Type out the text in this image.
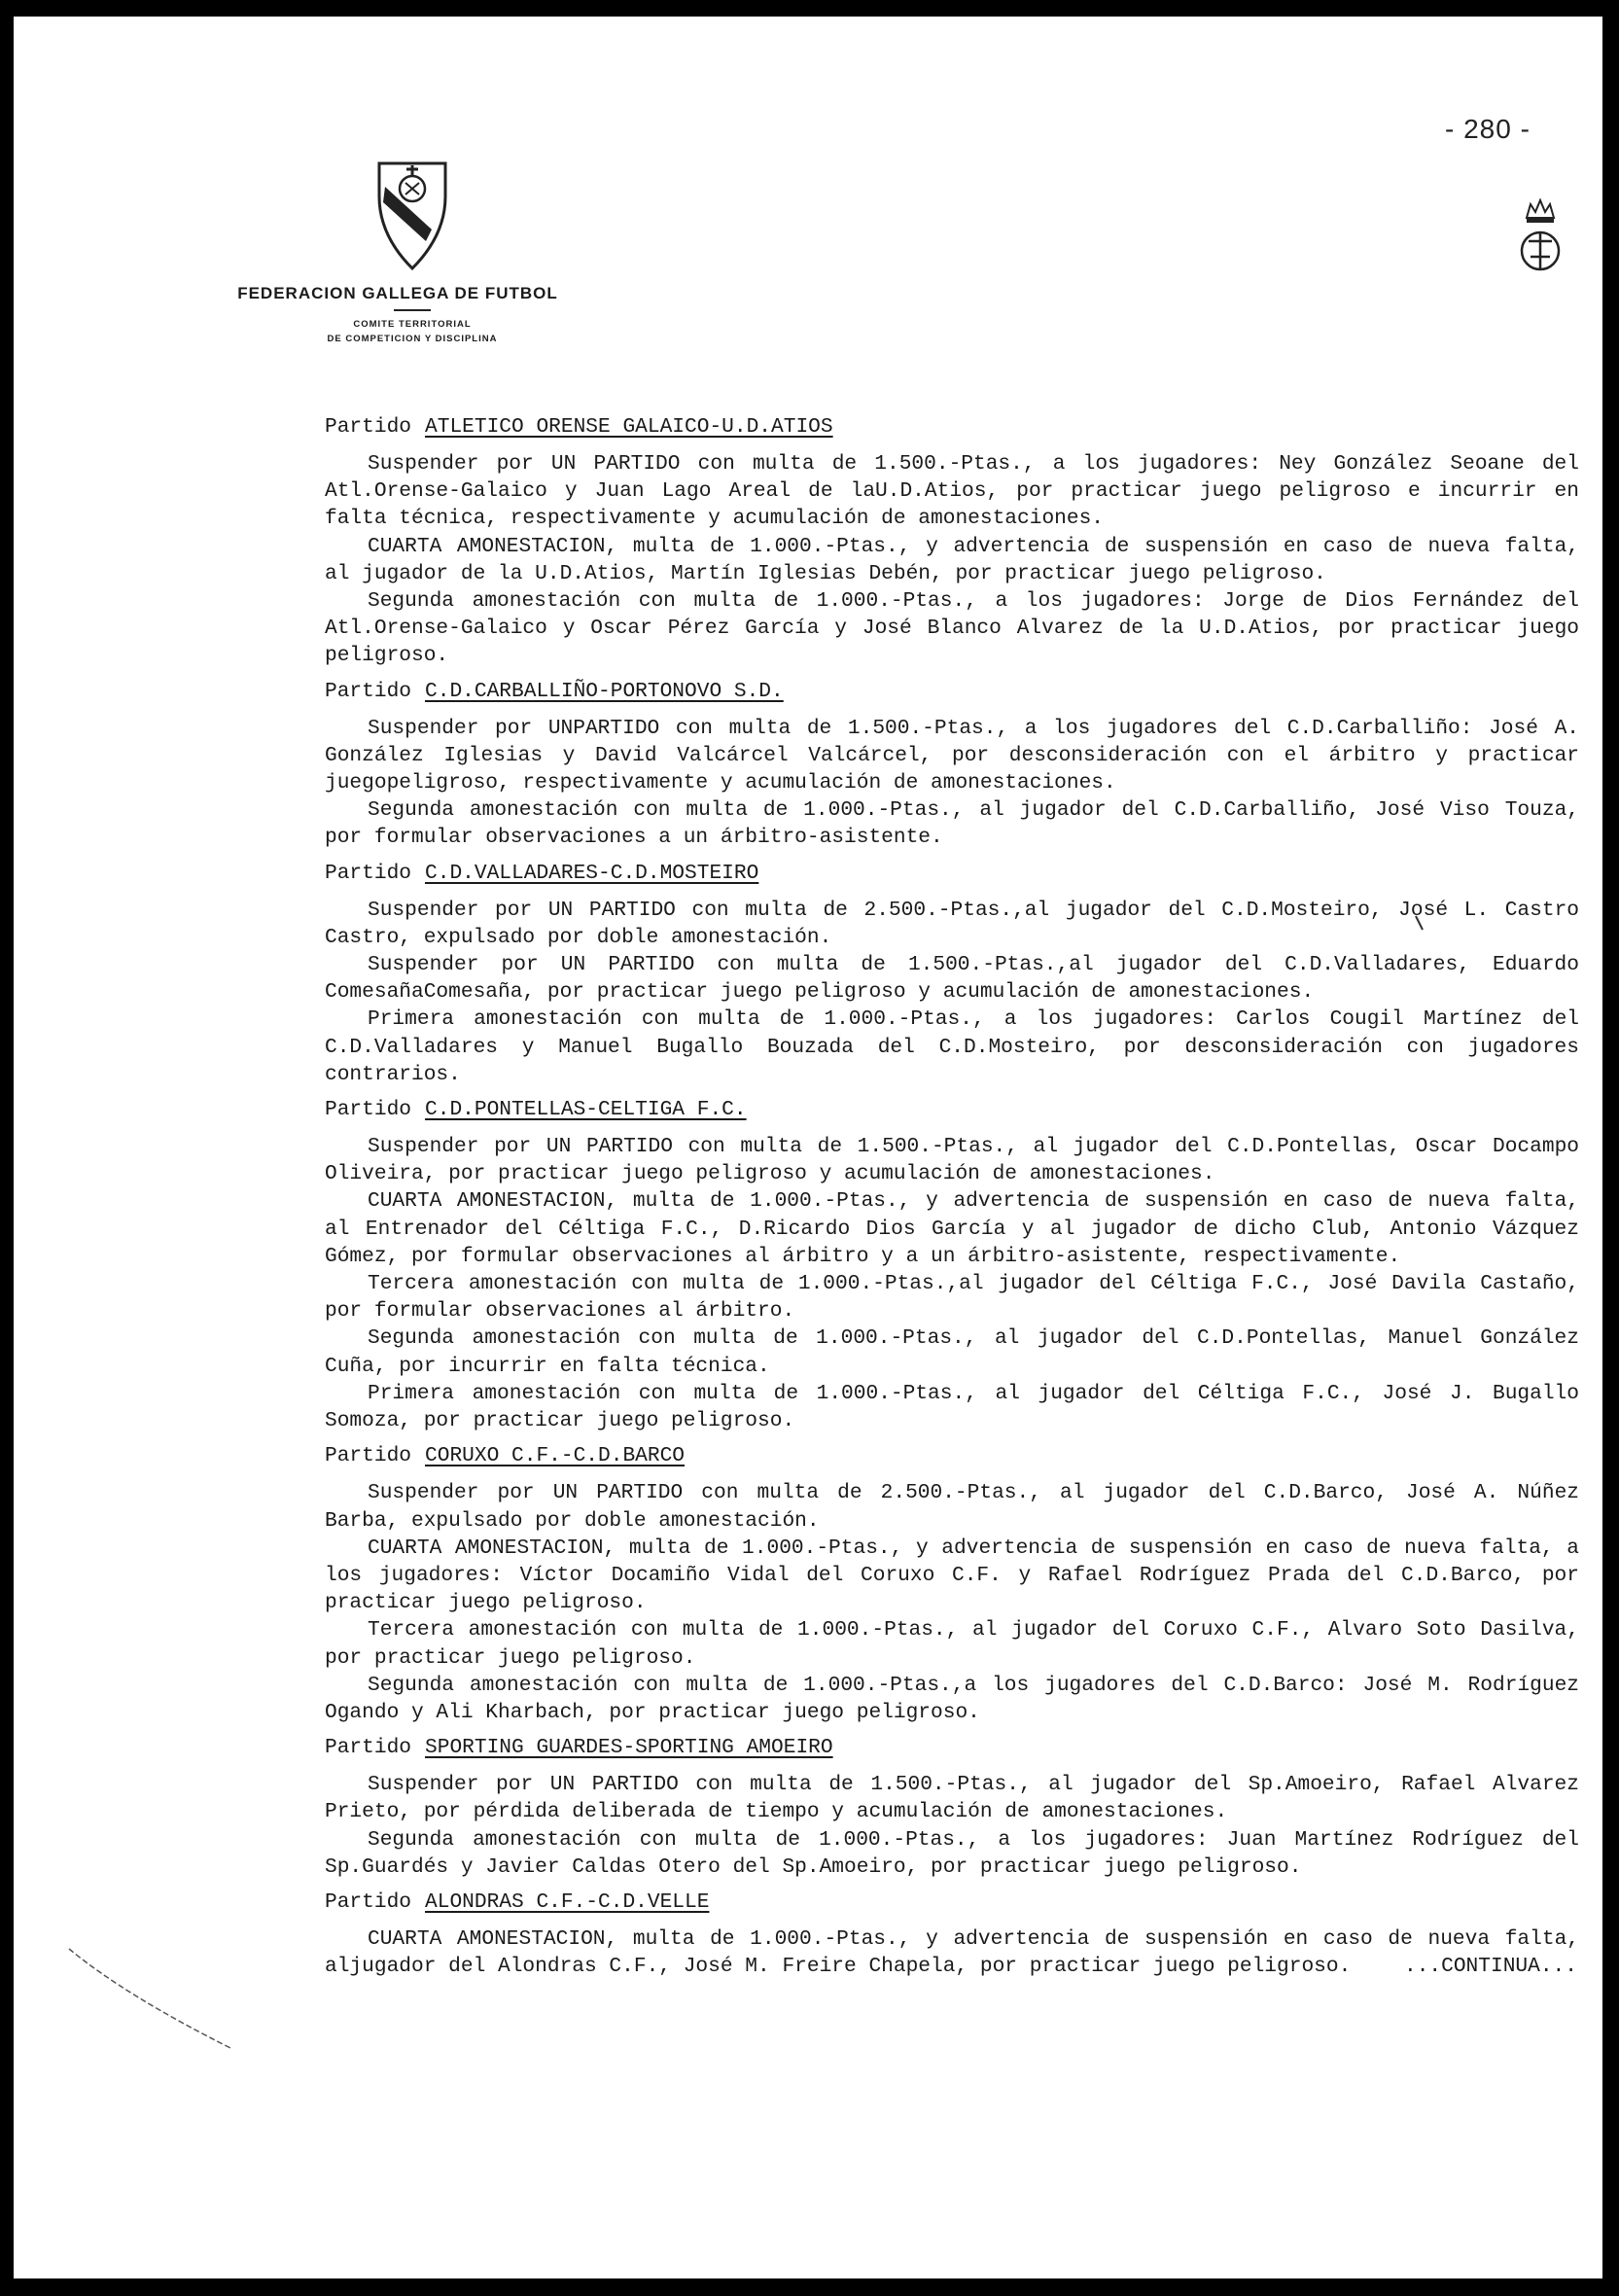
- 280 -
FEDERACION GALLEGA DE FUTBOL
COMITE TERRITORIAL
DE COMPETICION Y DISCIPLINA
Partido ATLETICO ORENSE GALAICO-U.D.ATIOS

Suspender por UN PARTIDO con multa de 1.500.-Ptas., a los jugadores: Ney González Seoane del Atl.Orense-Galaico y Juan Lago Areal de laU.D.Atios, por practicar juego peligroso e incurrir en falta técnica, respectivamente y acumulación de amonestaciones.

CUARTA AMONESTACION, multa de 1.000.-Ptas., y advertencia de suspensión en caso de nueva falta, al jugador de la U.D.Atios, Martín Iglesias Debén, por practicar juego peligroso.

Segunda amonestación con multa de 1.000.-Ptas., a los jugadores: Jorge de Dios Fernández del Atl.Orense-Galaico y Oscar Pérez García y José Blanco Alvarez de la U.D.Atios, por practicar juego peligroso.

Partido C.D.CARBALLIÑO-PORTONOVO S.D.

Suspender por UNPARTIDO con multa de 1.500.-Ptas., a los jugadores del C.D.Carballiño: José A. González Iglesias y David Valcárcel Valcárcel, por desconsideración con el árbitro y practicar juegopeligroso, respectivamente y acumulación de amonestaciones.

Segunda amonestación con multa de 1.000.-Ptas., al jugador del C.D.Carballiño, José Viso Touza, por formular observaciones a un árbitro-asistente.

Partido C.D.VALLADARES-C.D.MOSTEIRO

Suspender por UN PARTIDO con multa de 2.500.-Ptas.,al jugador del C.D.Mosteiro, José L. Castro Castro, expulsado por doble amonestación.

Suspender por UN PARTIDO con multa de 1.500.-Ptas.,al jugador del C.D.Valladares, Eduardo ComesañaComesaña, por practicar juego peligroso y acumulación de amonestaciones.

Primera amonestación con multa de 1.000.-Ptas., a los jugadores: Carlos Cougil Martínez del C.D.Valladares y Manuel Bugallo Bouzada del C.D.Mosteiro, por desconsideración con jugadores contrarios.

Partido C.D.PONTELLAS-CELTIGA F.C.

Suspender por UN PARTIDO con multa de 1.500.-Ptas., al jugador del C.D.Pontellas, Oscar Docampo Oliveira, por practicar juego peligroso y acumulación de amonestaciones.

CUARTA AMONESTACION, multa de 1.000.-Ptas., y advertencia de suspensión en caso de nueva falta, al Entrenador del Céltiga F.C., D.Ricardo Dios García y al jugador de dicho Club, Antonio Vázquez Gómez, por formular observaciones al árbitro y a un árbitro-asistente, respectivamente.

Tercera amonestación con multa de 1.000.-Ptas.,al jugador del Céltiga F.C., José Davila Castaño, por formular observaciones al árbitro.

Segunda amonestación con multa de 1.000.-Ptas., al jugador del C.D.Pontellas, Manuel González Cuña, por incurrir en falta técnica.

Primera amonestación con multa de 1.000.-Ptas., al jugador del Céltiga F.C., José J. Bugallo Somoza, por practicar juego peligroso.

Partido CORUXO C.F.-C.D.BARCO

Suspender por UN PARTIDO con multa de 2.500.-Ptas., al jugador del C.D.Barco, José A. Núñez Barba, expulsado por doble amonestación.

CUARTA AMONESTACION, multa de 1.000.-Ptas., y advertencia de suspensión en caso de nueva falta, a los jugadores: Víctor Docamiño Vidal del Coruxo C.F. y Rafael Rodríguez Prada del C.D.Barco, por practicar juego peligroso.

Tercera amonestación con multa de 1.000.-Ptas., al jugador del Coruxo C.F., Alvaro Soto Dasilva, por practicar juego peligroso.

Segunda amonestación con multa de 1.000.-Ptas.,a los jugadores del C.D.Barco: José M. Rodríguez Ogando y Ali Kharbach, por practicar juego peligroso.

Partido SPORTING GUARDES-SPORTING AMOEIRO

Suspender por UN PARTIDO con multa de 1.500.-Ptas., al jugador del Sp.Amoeiro, Rafael Alvarez Prieto, por pérdida deliberada de tiempo y acumulación de amonestaciones.

Segunda amonestación con multa de 1.000.-Ptas., a los jugadores: Juan Martínez Rodríguez del Sp.Guardés y Javier Caldas Otero del Sp.Amoeiro, por practicar juego peligroso.

Partido ALONDRAS C.F.-C.D.VELLE

CUARTA AMONESTACION, multa de 1.000.-Ptas., y advertencia de suspensión en caso de nueva falta, aljugador del Alondras C.F., José M. Freire Chapela, por practicar juego peligroso.	...CONTINUA...
